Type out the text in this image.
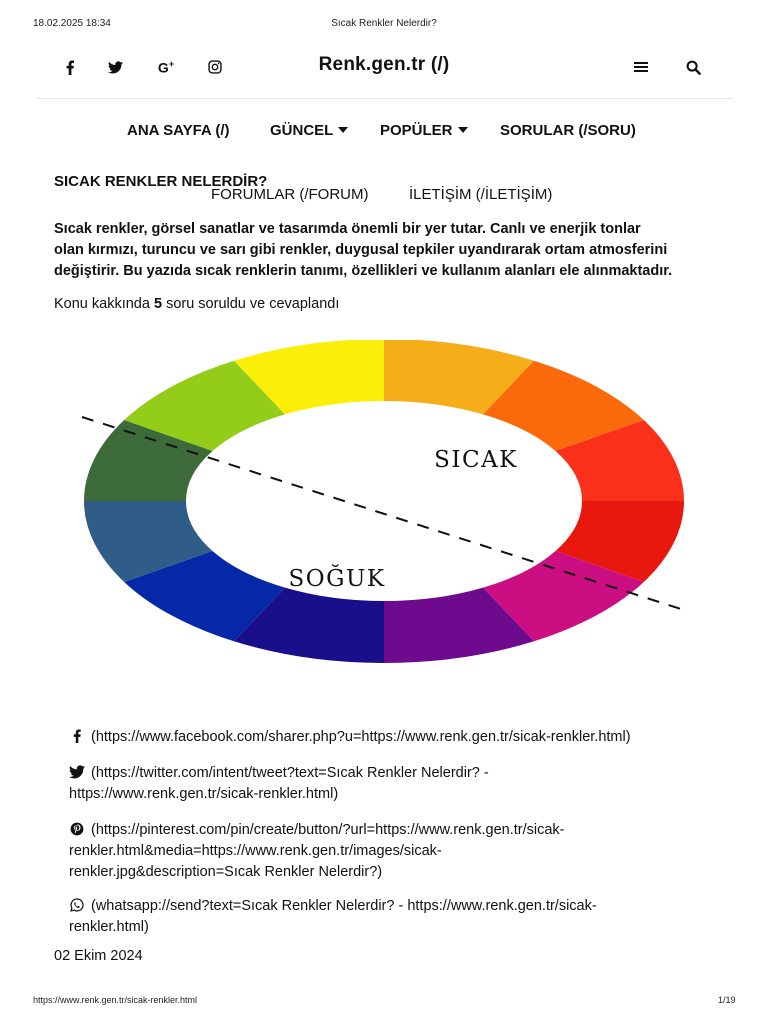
18.02.2025 18:34	Sıcak Renkler Nelerdir?
G+	Renk.gen.tr (/)
ANA SAYFA (/)	GÜNCEL	POPÜLER	SORULAR (/SORU)
SICAK RENKLER NELERDİR?
FORUMLAR (/FORUM)	İLETİŞİM (/İLETİŞİM)
Sıcak renkler, görsel sanatlar ve tasarımda önemli bir yer tutar. Canlı ve enerjik tonlar
olan kırmızı, turuncu ve sarı gibi renkler, duygusal tepkiler uyandırarak ortam atmosferini
değiştirir. Bu yazıda sıcak renklerin tanımı, özellikleri ve kullanım alanları ele alınmaktadır.
Konu kakkında 5 soru soruldu ve cevaplandı
SICAK
SOĞUK
(https://www.facebook.com/sharer.php?u=https://www.renk.gen.tr/sicak-renkler.html)
(https://twitter.com/intent/tweet?text=Sıcak Renkler Nelerdir? -
https://www.renk.gen.tr/sicak-renkler.html)
(https://pinterest.com/pin/create/button/?url=https://www.renk.gen.tr/sicak-
renkler.html&media=https://www.renk.gen.tr/images/sicak-
renkler.jpg&description=Sıcak Renkler Nelerdir?)
(whatsapp://send?text=Sıcak Renkler Nelerdir? - https://www.renk.gen.tr/sicak-
renkler.html)
02 Ekim 2024
https://www.renk.gen.tr/sicak-renkler.html	1/19
